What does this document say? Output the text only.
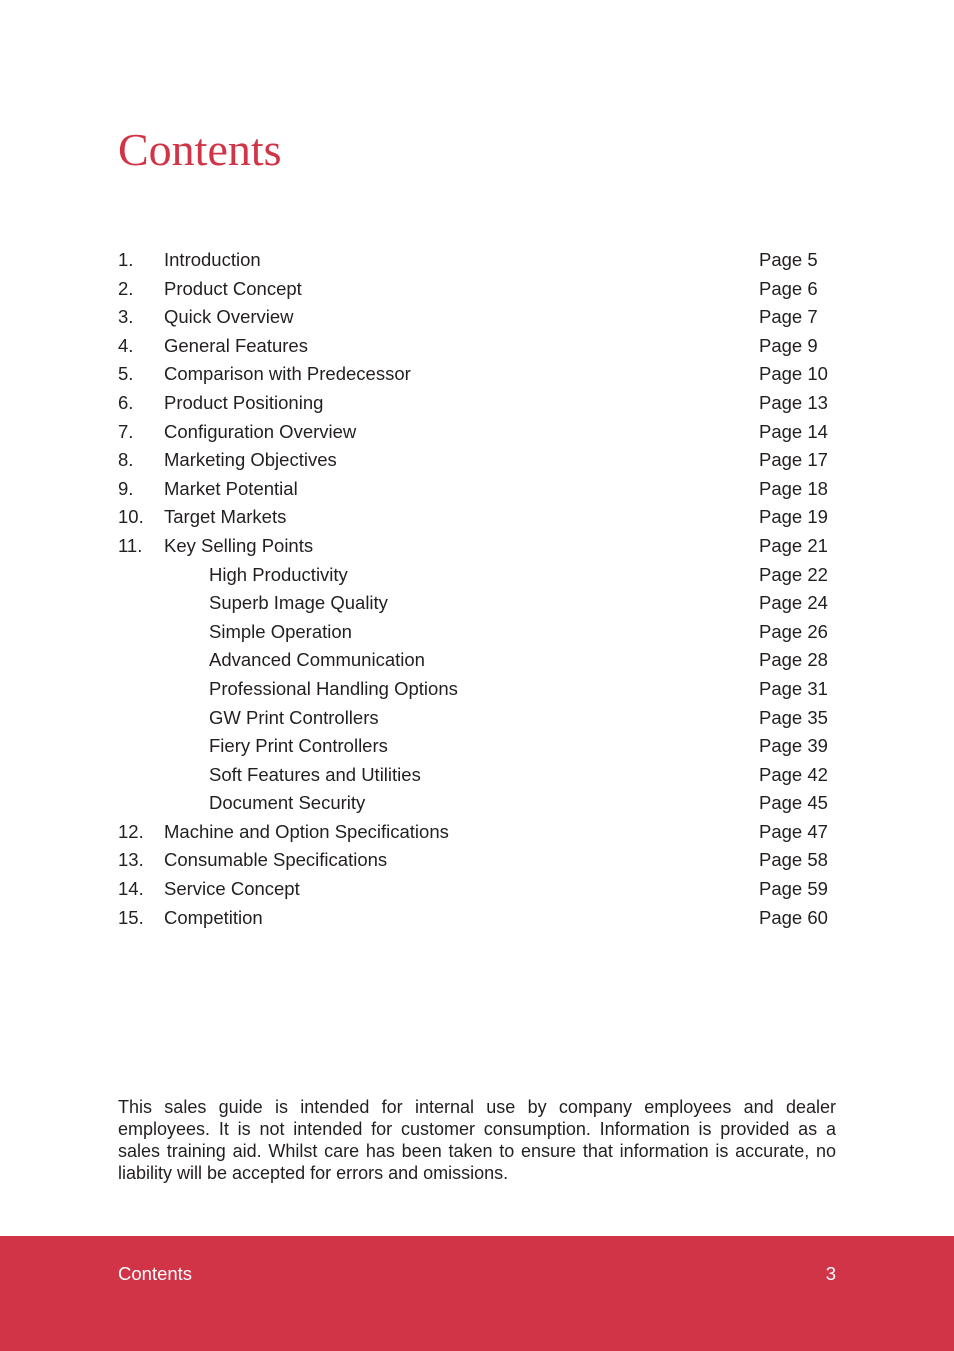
Contents
1. Introduction	Page 5
2. Product Concept	Page 6
3. Quick Overview	Page 7
4. General Features	Page 9
5. Comparison with Predecessor	Page 10
6. Product Positioning	Page 13
7. Configuration Overview	Page 14
8. Marketing Objectives	Page 17
9. Market Potential	Page 18
10. Target Markets	Page 19
11. Key Selling Points	Page 21
High Productivity	Page 22
Superb Image Quality	Page 24
Simple Operation	Page 26
Advanced Communication	Page 28
Professional Handling Options	Page 31
GW Print Controllers	Page 35
Fiery Print Controllers	Page 39
Soft Features and Utilities	Page 42
Document Security	Page 45
12. Machine and Option Specifications	Page 47
13. Consumable Specifications	Page 58
14. Service Concept	Page 59
15. Competition	Page 60

This sales guide is intended for internal use by company employees and dealer employees. It is not intended for customer consumption. Information is provided as a sales training aid. Whilst care has been taken to ensure that information is accurate, no liability will be accepted for errors and omissions.

Contents	3
